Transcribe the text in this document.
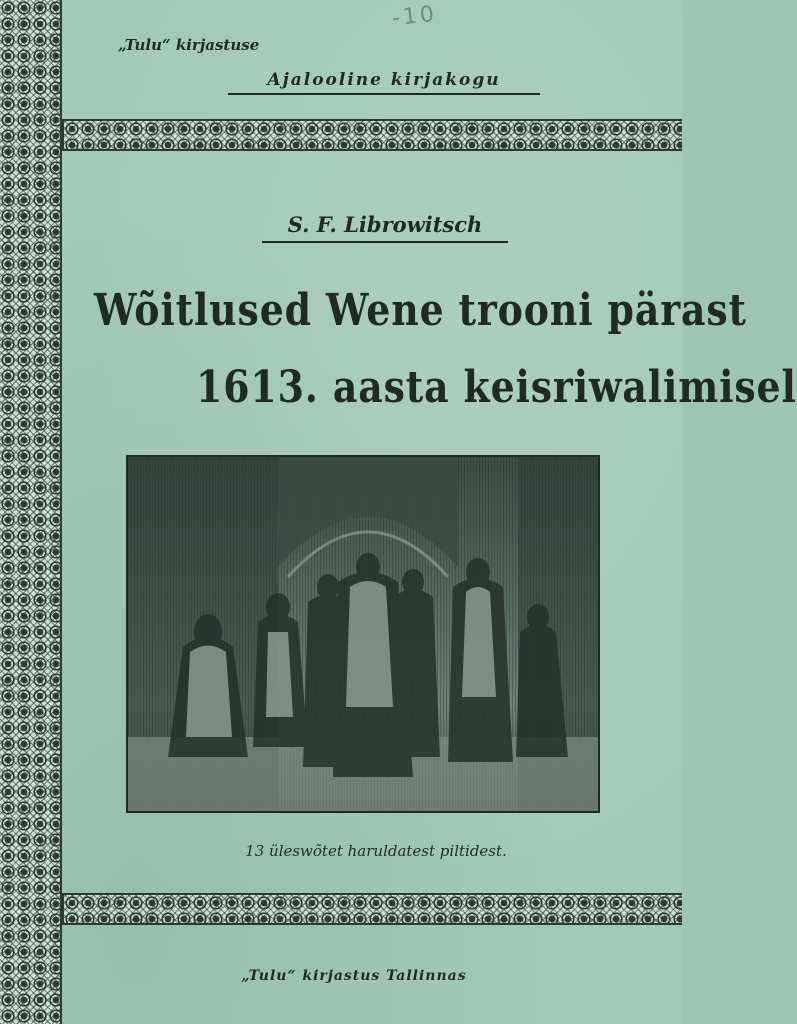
-10
„Tulu“ kirjastuse
Ajalooline kirjakogu
S. F. Librowitsch
Wõitlused Wene trooni pärast
1613. aasta keisriwalimisel
13 üleswõtet haruldatest piltidest.
„Tulu“ kirjastus Tallinnas
